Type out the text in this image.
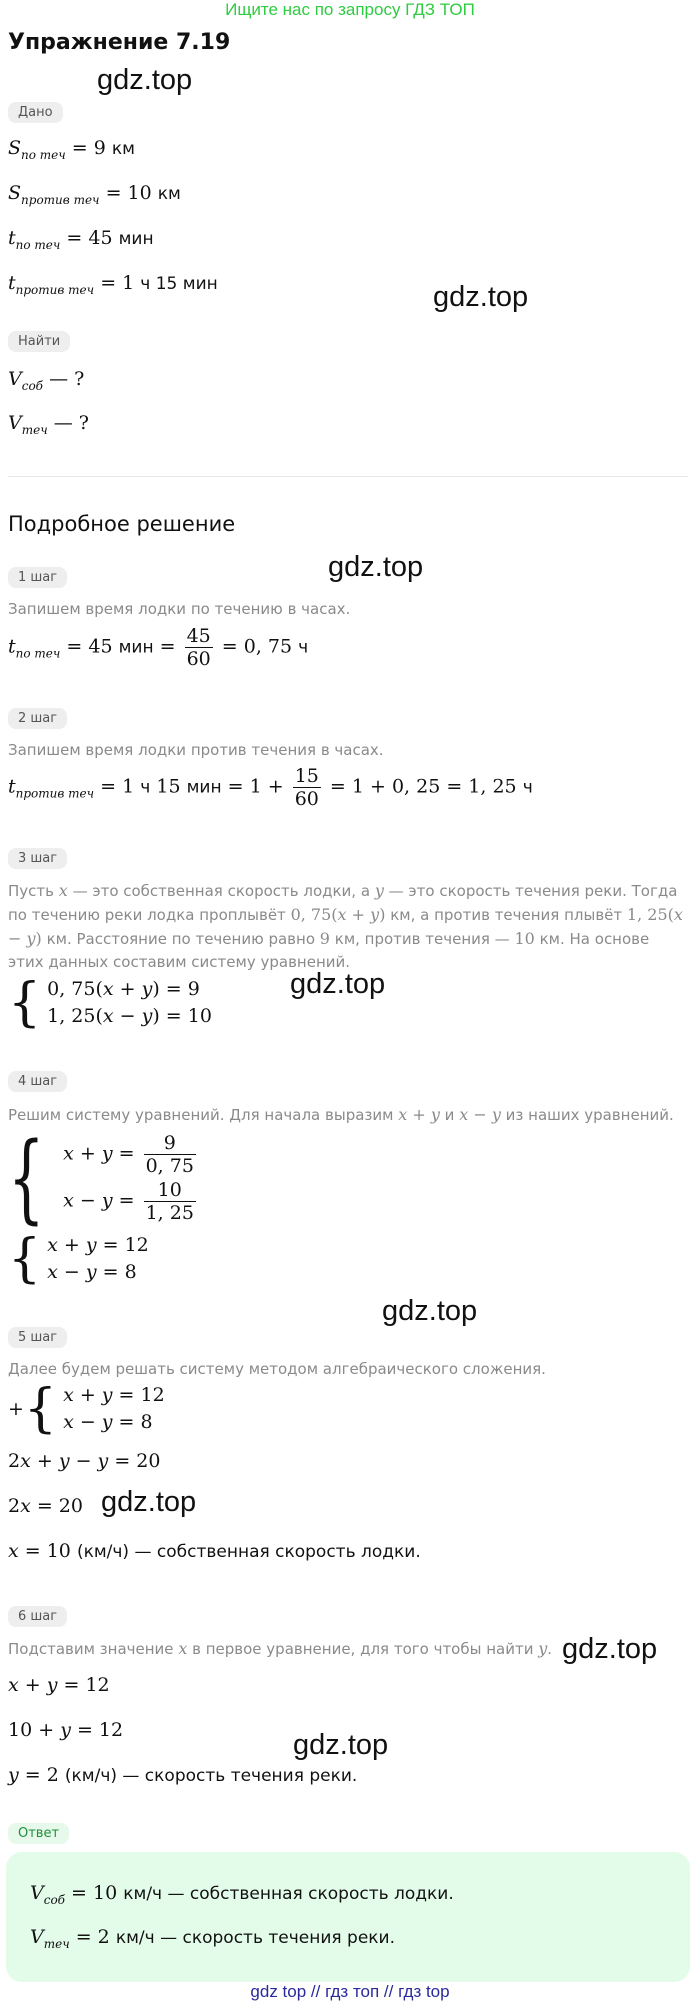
Ищите нас по запросу ГДЗ ТОП
Упражнение 7.19
Дано
$S_{по теч} = 9$ км
$S_{против теч} = 10$ км
$t_{по теч} = 45$ мин
$t_{против теч} = 1$ ч 15 мин
Найти
$V_{соб}$ — ?
$V_{теч}$ — ?
Подробное решение
1 шаг
Запишем время лодки по течению в часах.
$t_{по теч} = 45$ мин = $\frac{45}{60} = 0$, 75 ч
2 шаг
Запишем время лодки против течения в часах.
$t_{против теч} = 1$ ч 15 мин = $1 + \frac{15}{60} = 1 + 0$, 25 = 1, 25 ч
3 шаг
Пусть x — это собственная скорость лодки, а y — это скорость течения реки. Тогда по течению реки лодка проплывёт 0, 75(x + y) км, а против течения плывёт 1, 25(x − y) км. Расстояние по течению равно 9 км, против течения — 10 км. На основе этих данных составим систему уравнений.
{ 0, 75(x + y) = 9
1, 25(x − y) = 10
4 шаг
Решим систему уравнений. Для начала выразим x + y и x − y из наших уравнений.
{ $x + y = \frac{9}{0, 75}$
$x - y = \frac{10}{1, 25}$
{ x + y = 12
x − y = 8
5 шаг
Далее будем решать систему методом алгебраического сложения.
+{ x + y = 12
x − y = 8
2x + y − y = 20
2x = 20
x = 10 (км/ч) — собственная скорость лодки.
6 шаг
Подставим значение x в первое уравнение, для того чтобы найти y.
x + y = 12
10 + y = 12
y = 2 (км/ч) — скорость течения реки.
Ответ
$V_{соб} = 10$ км/ч — собственная скорость лодки.
$V_{теч} = 2$ км/ч — скорость течения реки.
gdz.top
gdz.top
gdz.top
gdz.top
gdz.top
gdz.top
gdz.top
gdz.top
gdz top // гдз топ // гдз top
